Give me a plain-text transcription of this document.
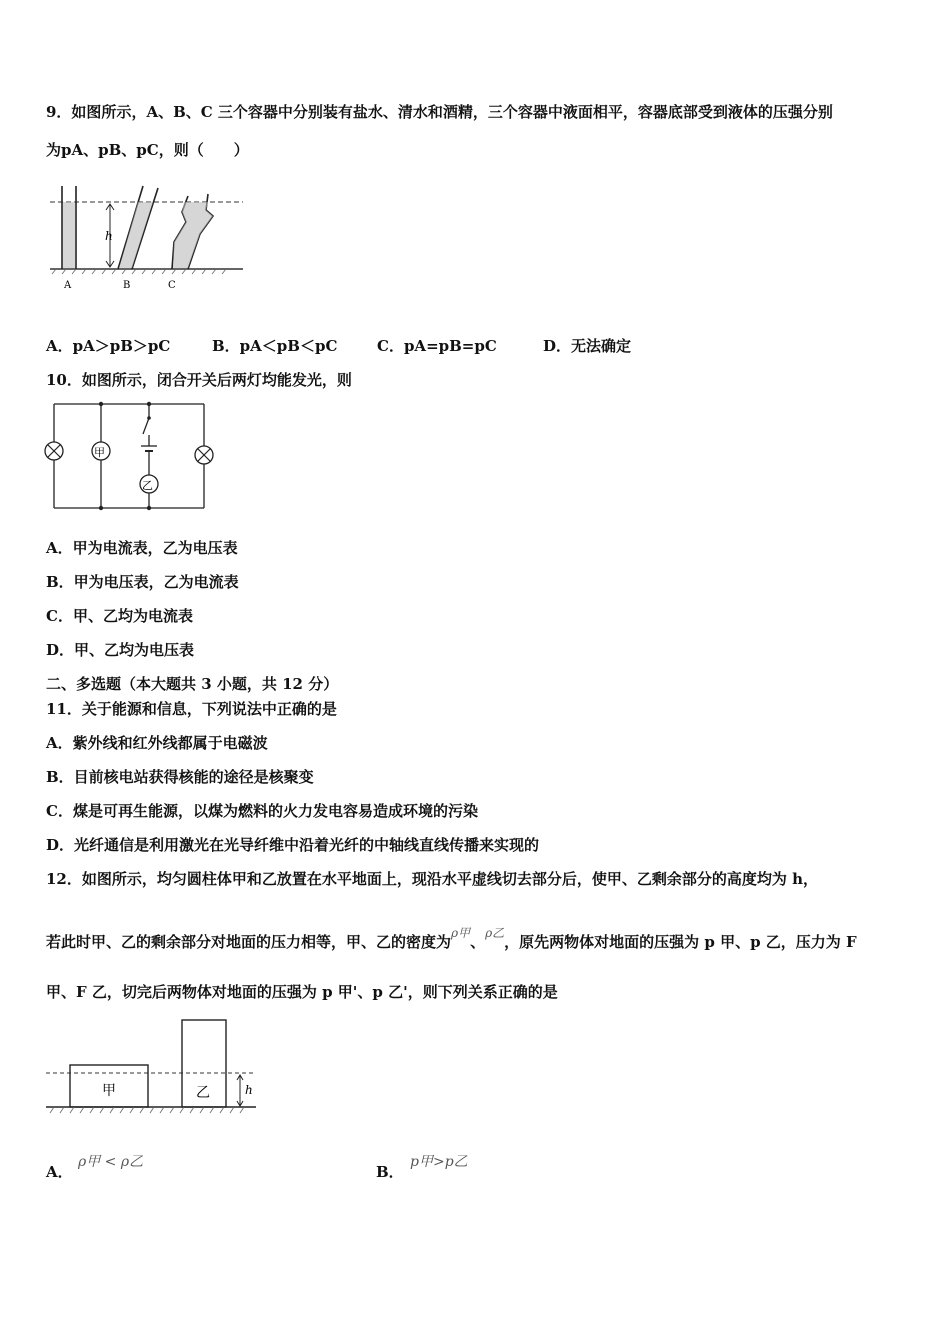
9．如图所示，A、B、C 三个容器中分别装有盐水、清水和酒精，三个容器中液面相平，容器底部受到液体的压强分别
为pA、pB、pC，则（　　）
h
A	B	C
A．pA＞pB＞pC	B．pA＜pB＜pC	C．pA=pB=pC	D．无法确定
10．如图所示，闭合开关后两灯均能发光，则
甲
乙
A．甲为电流表，乙为电压表
B．甲为电压表，乙为电流表
C．甲、乙均为电流表
D．甲、乙均为电压表
二、多选题（本大题共 3 小题，共 12 分）
11．关于能源和信息，下列说法中正确的是
A．紫外线和红外线都属于电磁波
B．目前核电站获得核能的途径是核聚变
C．煤是可再生能源，以煤为燃料的火力发电容易造成环境的污染
D．光纤通信是利用激光在光导纤维中沿着光纤的中轴线直线传播来实现的
12．如图所示，均匀圆柱体甲和乙放置在水平地面上，现沿水平虚线切去部分后，使甲、乙剩余部分的高度均为 h，
若此时甲、乙的剩余部分对地面的压力相等，甲、乙的密度为$^{\rho 甲}$、$^{\rho 乙}$，原先两物体对地面的压强为 p 甲、p 乙，压力为 F
甲、F 乙，切完后两物体对地面的压强为 p 甲'、p 乙'，则下列关系正确的是
甲	乙	h
A．
ρ甲 < ρ乙
B．
p甲>p乙
